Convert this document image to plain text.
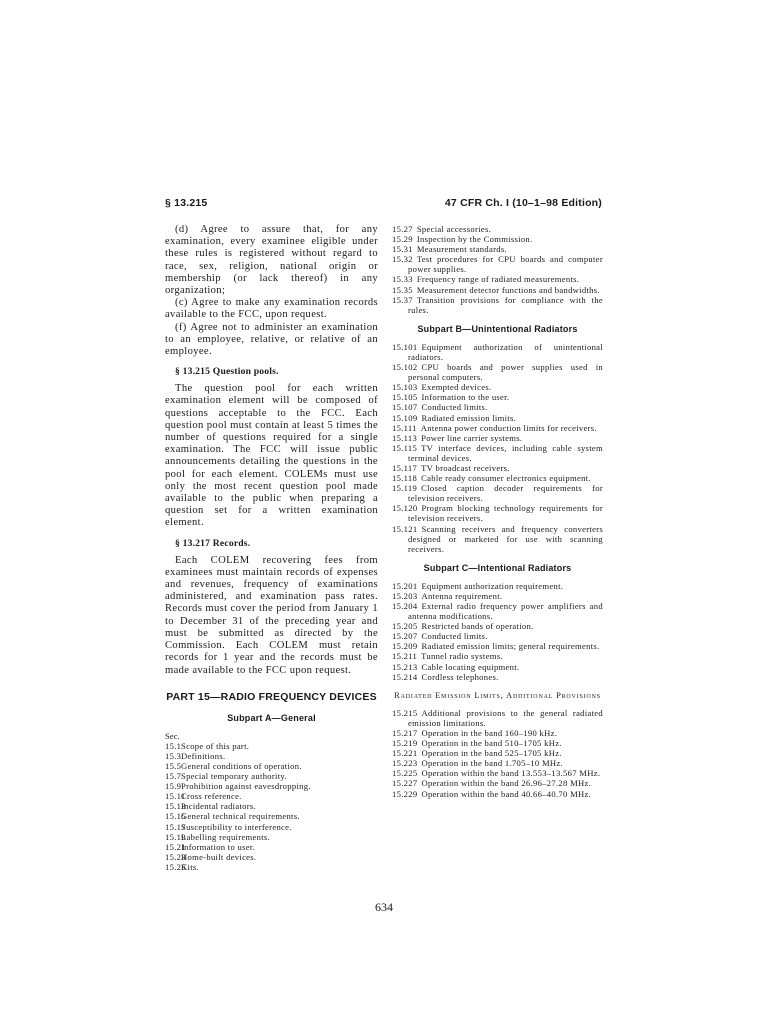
§ 13.215	47 CFR Ch. I (10–1–98 Edition)

(d) Agree to assure that, for any examination, every examinee eligible under these rules is registered without regard to race, sex, religion, national origin or membership (or lack thereof) in any organization;

(c) Agree to make any examination records available to the FCC, upon request.

(f) Agree not to administer an examination to an employee, relative, or relative of an employee.

§ 13.215 Question pools.

The question pool for each written examination element will be composed of questions acceptable to the FCC. Each question pool must contain at least 5 times the number of questions required for a single examination. The FCC will issue public announcements detailing the questions in the pool for each element. COLEMs must use only the most recent question pool made available to the public when preparing a question set for a written examination element.

§ 13.217 Records.

Each COLEM recovering fees from examinees must maintain records of expenses and revenues, frequency of examinations administered, and examination pass rates. Records must cover the period from January 1 to December 31 of the preceding year and must be submitted as directed by the Commission. Each COLEM must retain records for 1 year and the records must be made available to the FCC upon request.

PART 15—RADIO FREQUENCY DEVICES
Subpart A—General
Sec.
15.1Scope of this part.
15.3Definitions.
15.5General conditions of operation.
15.7Special temporary authority.
15.9Prohibition against eavesdropping.
15.11Cross reference.
15.13Incidental radiators.
15.15General technical requirements.
15.17Susceptibility to interference.
15.19Labelling requirements.
15.21Information to user.
15.23Home-built devices.
15.25Kits.
15.27 Special accessories.
15.29 Inspection by the Commission.
15.31 Measurement standards.
15.32 Test procedures for CPU boards and computer power supplies.
15.33 Frequency range of radiated measurements.
15.35 Measurement detector functions and bandwidths.
15.37 Transition provisions for compliance with the rules.
Subpart B—Unintentional Radiators
15.101 Equipment authorization of unintentional radiators.
15.102 CPU boards and power supplies used in personal computers.
15.103 Exempted devices.
15.105 Information to the user.
15.107 Conducted limits.
15.109 Radiated emission limits.
15.111 Antenna power conduction limits for receivers.
15.113 Power line carrier systems.
15.115 TV interface devices, including cable system terminal devices.
15.117 TV broadcast receivers.
15.118 Cable ready consumer electronics equipment.
15.119 Closed caption decoder requirements for television receivers.
15.120 Program blocking technology requirements for television receivers.
15.121 Scanning receivers and frequency converters designed or marketed for use with scanning receivers.
Subpart C—Intentional Radiators
15.201 Equipment authorization requirement.
15.203 Antenna requirement.
15.204 External radio frequency power amplifiers and antenna modifications.
15.205 Restricted bands of operation.
15.207 Conducted limits.
15.209 Radiated emission limits; general requirements.
15.211 Tunnel radio systems.
15.213 Cable locating equipment.
15.214 Cordless telephones.
Radiated Emission Limits, Additional Provisions
15.215 Additional provisions to the general radiated emission limitations.
15.217 Operation in the band 160–190 kHz.
15.219 Operation in the band 510–1705 kHz.
15.221 Operation in the band 525–1705 kHz.
15.223 Operation in the band 1.705–10 MHz.
15.225 Operation within the band 13.553–13.567 MHz.
15.227 Operation within the band 26.96–27.28 MHz.
15.229 Operation within the band 40.66–40.70 MHz.
634
